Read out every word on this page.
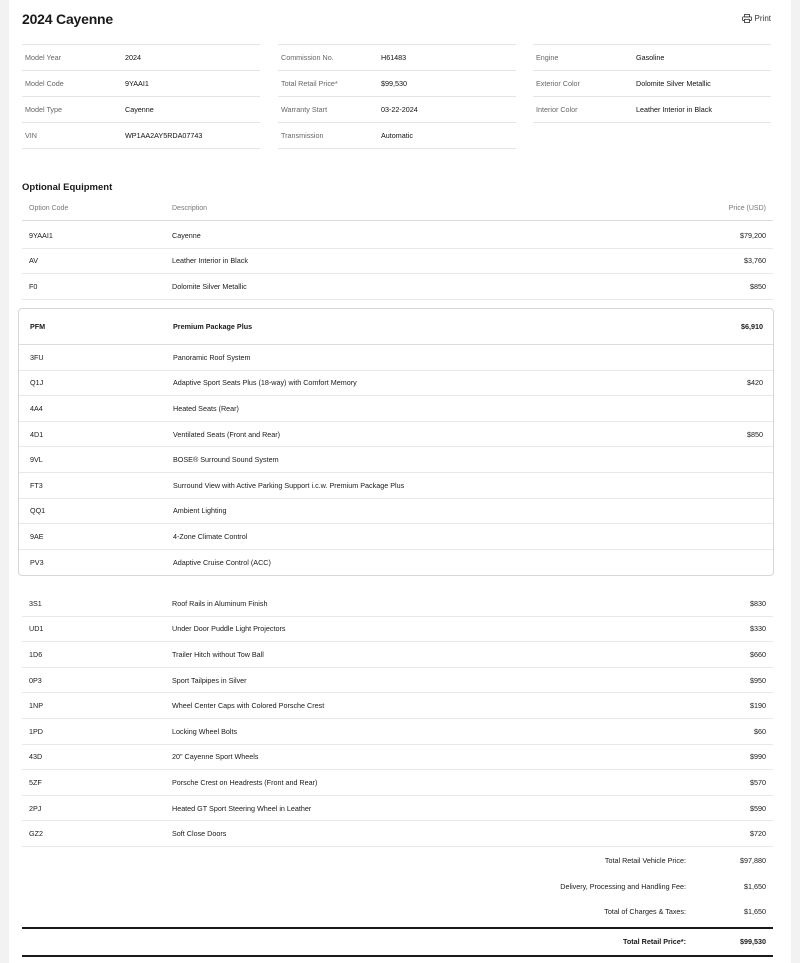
2024 Cayenne	Print
Model Year	2024
Model Code	9YAAI1
Model Type	Cayenne
VIN	WP1AA2AY5RDA07743
Commission No.	H61483
Total Retail Price*	$99,530
Warranty Start	03-22-2024
Transmission	Automatic
Engine	Gasoline
Exterior Color	Dolomite Silver Metallic
Interior Color	Leather Interior in Black
Optional Equipment
Option Code	Description	Price (USD)
9YAAI1	Cayenne	$79,200
AV	Leather Interior in Black	$3,760
F0	Dolomite Silver Metallic	$850
PFM	Premium Package Plus	$6,910
3FU	Panoramic Roof System
Q1J	Adaptive Sport Seats Plus (18-way) with Comfort Memory	$420
4A4	Heated Seats (Rear)
4D1	Ventilated Seats (Front and Rear)	$850
9VL	BOSE® Surround Sound System
FT3	Surround View with Active Parking Support i.c.w. Premium Package Plus
QQ1	Ambient Lighting
9AE	4-Zone Climate Control
PV3	Adaptive Cruise Control (ACC)
3S1	Roof Rails in Aluminum Finish	$830
UD1	Under Door Puddle Light Projectors	$330
1D6	Trailer Hitch without Tow Ball	$660
0P3	Sport Tailpipes in Silver	$950
1NP	Wheel Center Caps with Colored Porsche Crest	$190
1PD	Locking Wheel Bolts	$60
43D	20" Cayenne Sport Wheels	$990
5ZF	Porsche Crest on Headrests (Front and Rear)	$570
2PJ	Heated GT Sport Steering Wheel in Leather	$590
GZ2	Soft Close Doors	$720
Total Retail Vehicle Price:	$97,880
Delivery, Processing and Handling Fee:	$1,650
Total of Charges & Taxes:	$1,650
Total Retail Price*:	$99,530
